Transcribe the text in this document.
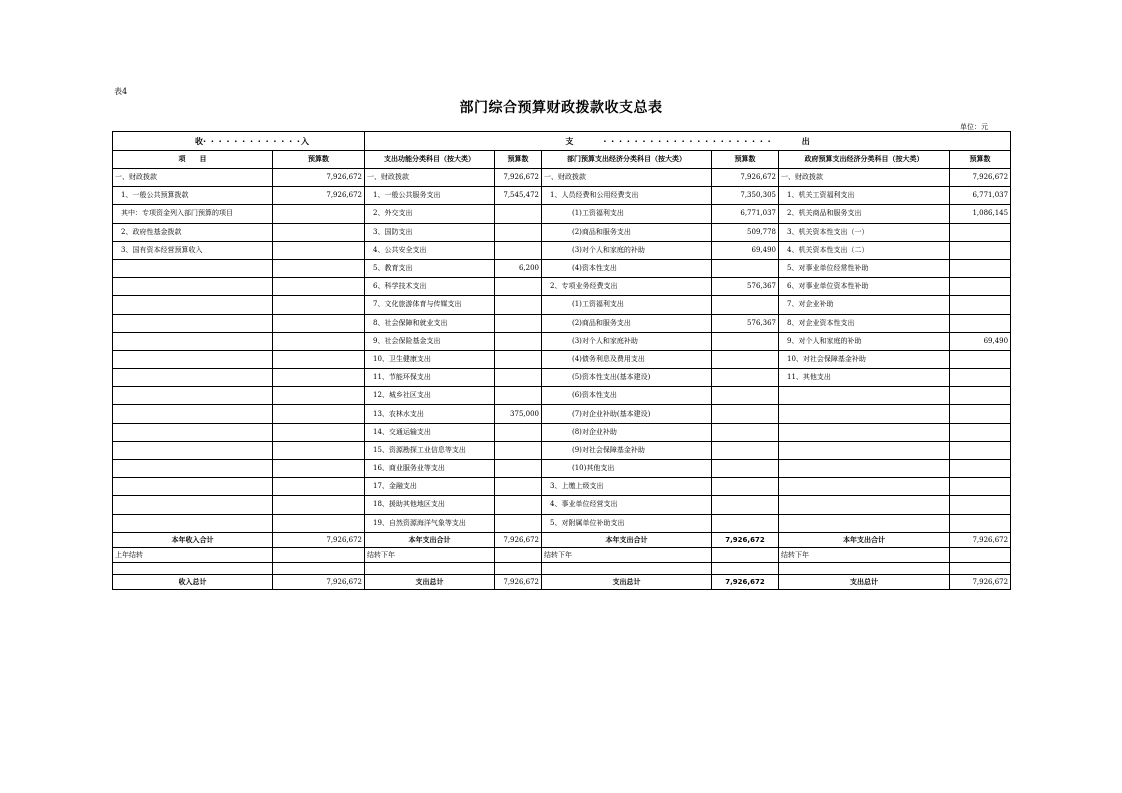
表4
部门综合预算财政拨款收支总表
单位：元
收 · · · · · · · · · · · · · 入		支 · · · · · · · · · · · · · · · · · · · · · · 出					

项　　目	预算数	支出功能分类科目（按大类）	预算数	部门预算支出经济分类科目（按大类）	预算数	政府预算支出经济分类科目（按大类）	预算数
一、财政拨款	7,926,672	一、财政拨款	7,926,672	一、财政拨款	7,926,672	一、财政拨款	7,926,672
1、一般公共预算拨款	7,926,672	1、一般公共服务支出	7,545,472	1、人员经费和公用经费支出	7,350,305	1、机关工资福利支出	6,771,037
其中：专项资金列入部门预算的项目		2、外交支出		(1)工资福利支出	6,771,037	2、机关商品和服务支出	1,086,145
2、政府性基金拨款		3、国防支出		(2)商品和服务支出	509,778	3、机关资本性支出（一）	
3、国有资本经营预算收入		4、公共安全支出		(3)对个人和家庭的补助	69,490	4、机关资本性支出（二）	
		5、教育支出	6,200	(4)资本性支出		5、对事业单位经常性补助	
		6、科学技术支出		2、专项业务经费支出	576,367	6、对事业单位资本性补助	
		7、文化旅游体育与传媒支出		(1)工资福利支出		7、对企业补助	
		8、社会保障和就业支出		(2)商品和服务支出	576,367	8、对企业资本性支出	
		9、社会保险基金支出		(3)对个人和家庭补助		9、对个人和家庭的补助	69,490
		10、卫生健康支出		(4)债务利息及费用支出		10、对社会保障基金补助	
		11、节能环保支出		(5)资本性支出(基本建设)		11、其他支出	
		12、城乡社区支出		(6)资本性支出			
		13、农林水支出	375,000	(7)对企业补助(基本建设)			
		14、交通运输支出		(8)对企业补助			
		15、资源勘探工业信息等支出		(9)对社会保障基金补助			
		16、商业服务业等支出		(10)其他支出			
		17、金融支出		3、上缴上级支出			
		18、援助其他地区支出		4、事业单位经营支出			
		19、自然资源海洋气象等支出		5、对附属单位补助支出			
本年收入合计	7,926,672	本年支出合计	7,926,672	本年支出合计	7,926,672	本年支出合计	7,926,672
上年结转		结转下年		结转下年		结转下年	

收入总计	7,926,672	支出总计	7,926,672	支出总计	7,926,672	支出总计	7,926,672
